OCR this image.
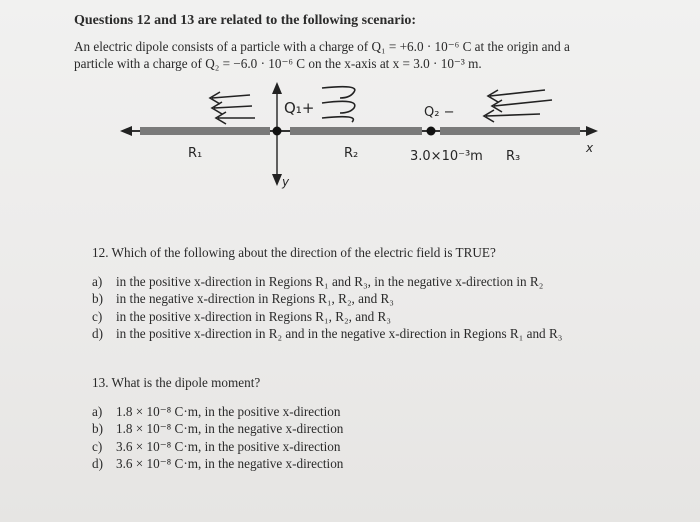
Questions 12 and 13 are related to the following scenario:
An electric dipole consists of a particle with a charge of Q₁ = +6.0 · 10⁻⁶ C at the origin and a
particle with a charge of Q₂ = −6.0 · 10⁻⁶ C on the x-axis at x = 3.0 · 10⁻³ m.
Q₁+	Q₂ −
R₁	R₂	3.0×10⁻³m R₃
x
y
12. Which of the following about the direction of the electric field is TRUE?
a)	in the positive x-direction in Regions R₁ and R₃, in the negative x-direction in R₂
b) in the negative x-direction in Regions R₁, R₂, and R₃
c)	in the positive x-direction in Regions R₁, R₂, and R₃
d) in the positive x-direction in R₂ and in the negative x-direction in Regions R₁ and R₃
13. What is the dipole moment?
a)	1.8 × 10⁻⁸ C·m, in the positive x-direction
b) 1.8 × 10⁻⁸ C·m, in the negative x-direction
c)	3.6 × 10⁻⁸ C·m, in the positive x-direction
d) 3.6 × 10⁻⁸ C·m, in the negative x-direction
